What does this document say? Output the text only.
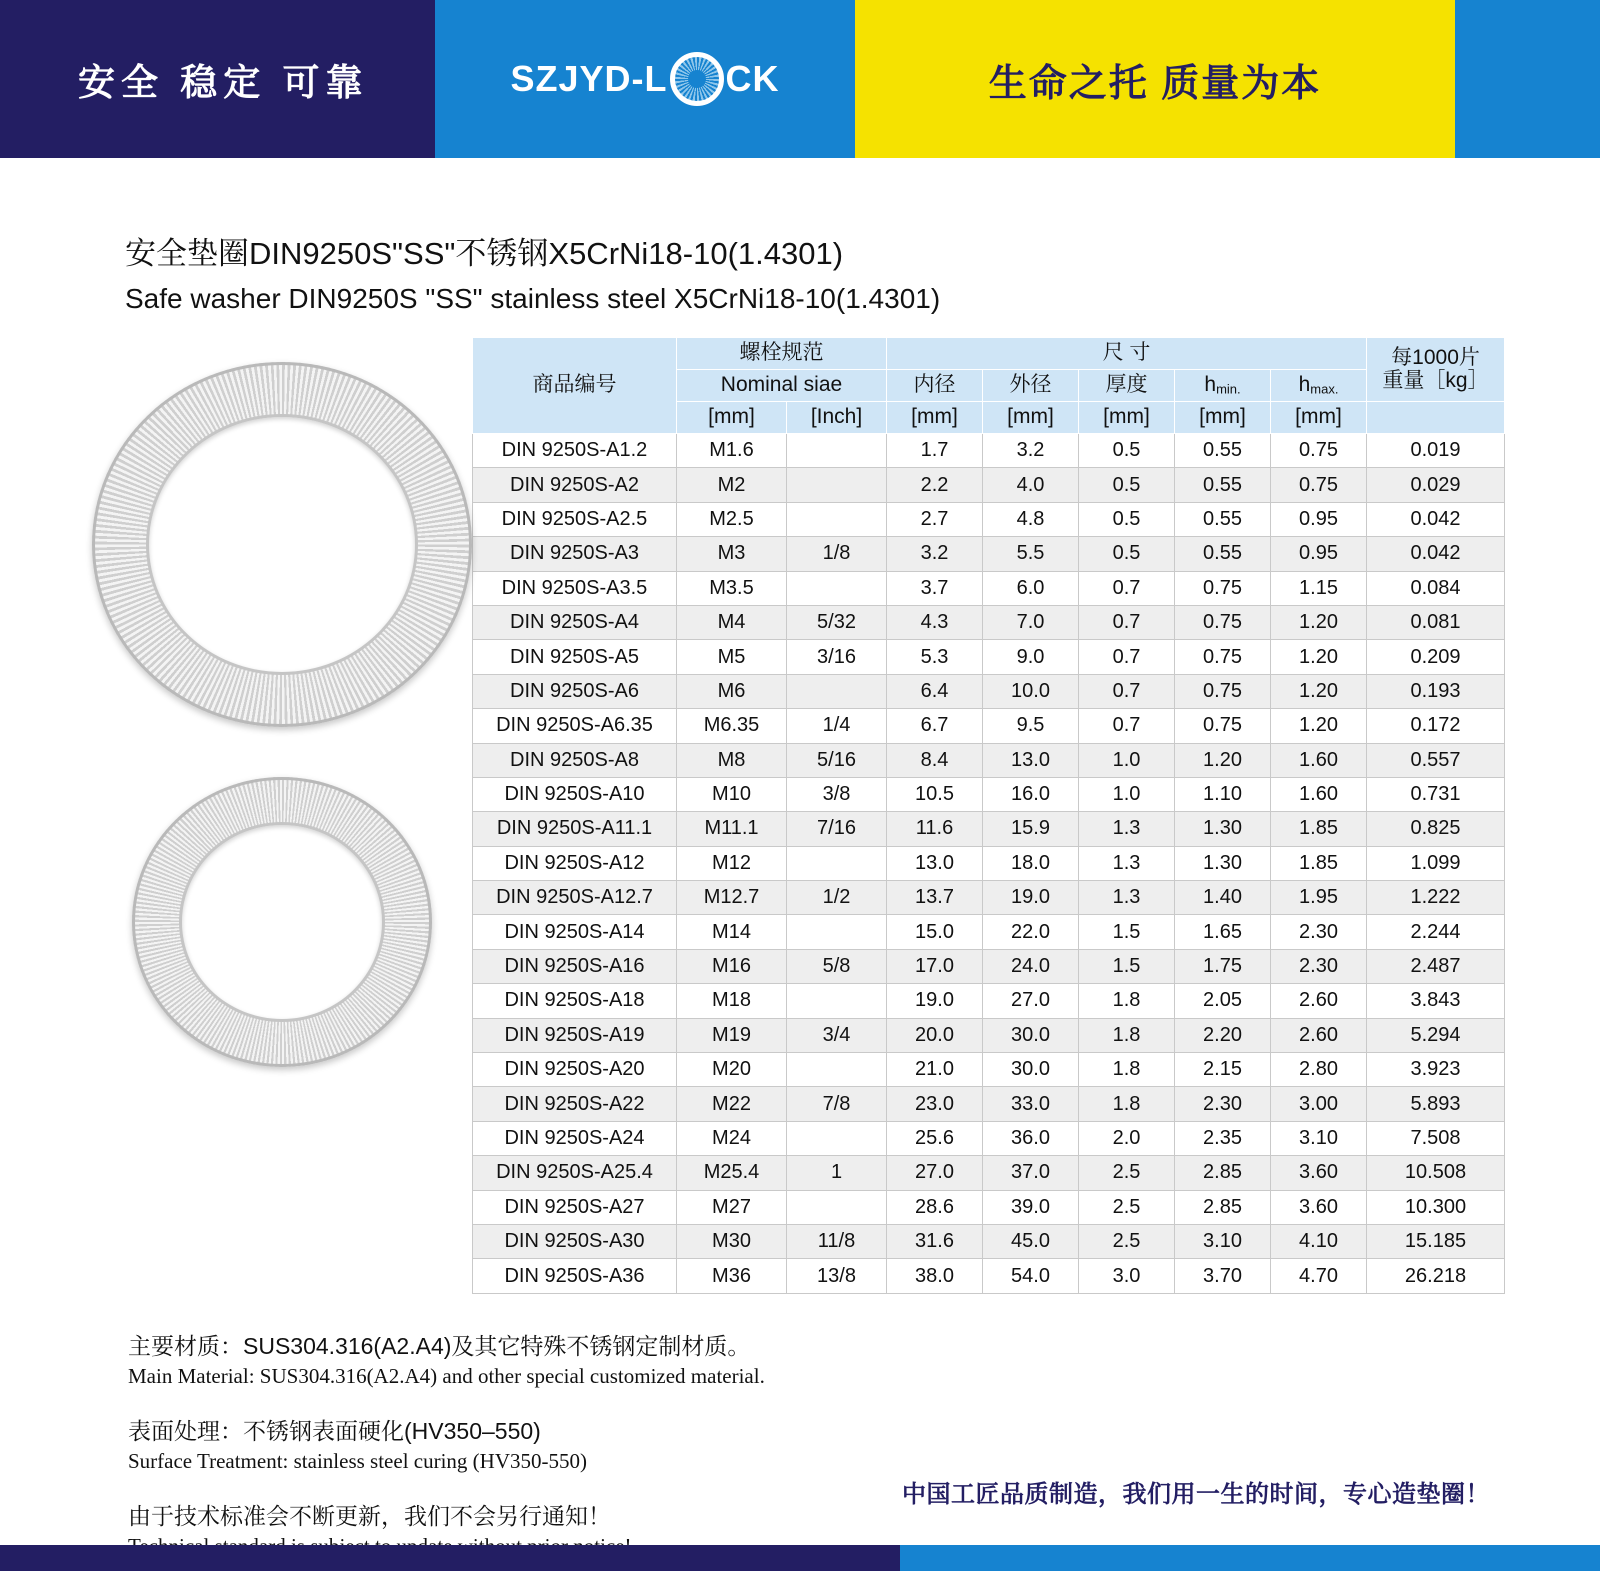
安全 稳定 可靠	SZJYD-L CK	生命之托 质量为本
安全垫圈DIN9250S"SS"不锈钢X5CrNi18-10(1.4301)
Safe washer DIN9250S "SS" stainless steel X5CrNi18-10(1.4301)
商品编号	螺栓规范		尺 寸					每1000片
重量［kg］

	Nominal siae		内径	外径	厚度	hmin.	hmax.	
	[mm]	[Inch]	[mm]	[mm]	[mm]	[mm]	[mm]	
DIN 9250S-A1.2	M1.6		1.7	3.2	0.5	0.55	0.75	0.019
DIN 9250S-A2	M2		2.2	4.0	0.5	0.55	0.75	0.029
DIN 9250S-A2.5	M2.5		2.7	4.8	0.5	0.55	0.95	0.042
DIN 9250S-A3	M3	1/8	3.2	5.5	0.5	0.55	0.95	0.042
DIN 9250S-A3.5	M3.5		3.7	6.0	0.7	0.75	1.15	0.084
DIN 9250S-A4	M4	5/32	4.3	7.0	0.7	0.75	1.20	0.081
DIN 9250S-A5	M5	3/16	5.3	9.0	0.7	0.75	1.20	0.209
DIN 9250S-A6	M6		6.4	10.0	0.7	0.75	1.20	0.193
DIN 9250S-A6.35	M6.35	1/4	6.7	9.5	0.7	0.75	1.20	0.172
DIN 9250S-A8	M8	5/16	8.4	13.0	1.0	1.20	1.60	0.557
DIN 9250S-A10	M10	3/8	10.5	16.0	1.0	1.10	1.60	0.731
DIN 9250S-A11.1	M11.1	7/16	11.6	15.9	1.3	1.30	1.85	0.825
DIN 9250S-A12	M12		13.0	18.0	1.3	1.30	1.85	1.099
DIN 9250S-A12.7	M12.7	1/2	13.7	19.0	1.3	1.40	1.95	1.222
DIN 9250S-A14	M14		15.0	22.0	1.5	1.65	2.30	2.244
DIN 9250S-A16	M16	5/8	17.0	24.0	1.5	1.75	2.30	2.487
DIN 9250S-A18	M18		19.0	27.0	1.8	2.05	2.60	3.843
DIN 9250S-A19	M19	3/4	20.0	30.0	1.8	2.20	2.60	5.294
DIN 9250S-A20	M20		21.0	30.0	1.8	2.15	2.80	3.923
DIN 9250S-A22	M22	7/8	23.0	33.0	1.8	2.30	3.00	5.893
DIN 9250S-A24	M24		25.6	36.0	2.0	2.35	3.10	7.508
DIN 9250S-A25.4	M25.4	1	27.0	37.0	2.5	2.85	3.60	10.508
DIN 9250S-A27	M27		28.6	39.0	2.5	2.85	3.60	10.300
DIN 9250S-A30	M30	11/8	31.6	45.0	2.5	3.10	4.10	15.185
DIN 9250S-A36	M36	13/8	38.0	54.0	3.0	3.70	4.70	26.218
主要材质：SUS304.316(A2.A4)及其它特殊不锈钢定制材质。
Main Material: SUS304.316(A2.A4) and other special customized material.
表面处理：不锈钢表面硬化(HV350–550)
Surface Treatment: stainless steel curing (HV350-550)
由于技术标准会不断更新，我们不会另行通知！
中国工匠品质制造，我们用一生的时间，专心造垫圈！
